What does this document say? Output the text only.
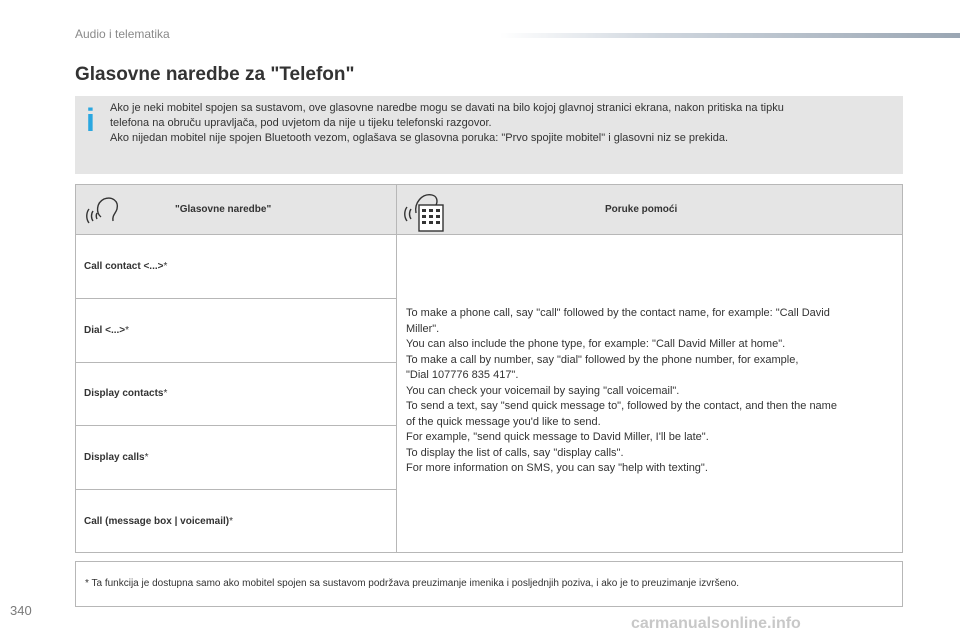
Audio i telematika
Glasovne naredbe za "Telefon"
i Ako je neki mobitel spojen sa sustavom, ove glasovne naredbe mogu se davati na bilo kojoj glavnoj stranici ekrana, nakon pritiska na tipku

telefona na obruču upravljača, pod uvjetom da nije u tijeku telefonski razgovor.

Ako nijedan mobitel nije spojen Bluetooth vezom, oglašava se glasovna poruka: "Prvo spojite mobitel" i glasovni niz se prekida.

"Glasovne naredbe"	Poruke pomoći
Call contact <...>*
Dial <...>*
Display contacts*
Display calls*
Call (message box | voicemail)*

To make a phone call, say "call" followed by the contact name, for example: "Call David

Miller".

You can also include the phone type, for example: "Call David Miller at home".

To make a call by number, say "dial" followed by the phone number, for example,

"Dial 107776 835 417".

You can check your voicemail by saying "call voicemail".

To send a text, say "send quick message to", followed by the contact, and then the name

of the quick message you'd like to send.

For example, "send quick message to David Miller, I'll be late".

To display the list of calls, say "display calls".

For more information on SMS, you can say "help with texting".

* Ta funkcija je dostupna samo ako mobitel spojen sa sustavom podržava preuzimanje imenika i posljednjih poziva, i ako je to preuzimanje izvršeno.
340
carmanualsonline.info
